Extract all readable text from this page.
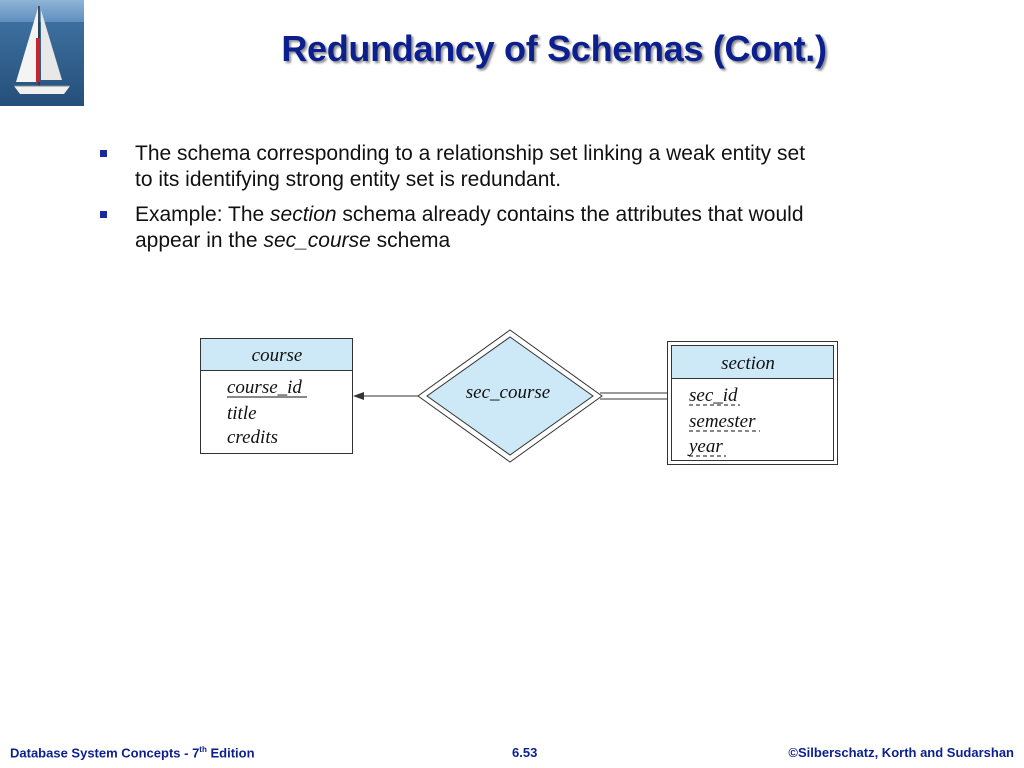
Redundancy of Schemas (Cont.)
The schema corresponding to a relationship set linking a weak entity set
to its identifying strong entity set is redundant.
Example: The section schema already contains the attributes that would
appear in the sec_course schema
course
course_id
title
credits
sec_course
section
sec_id
semester
year
Database System Concepts - 7th Edition	6.53	©Silberschatz, Korth and Sudarshan
